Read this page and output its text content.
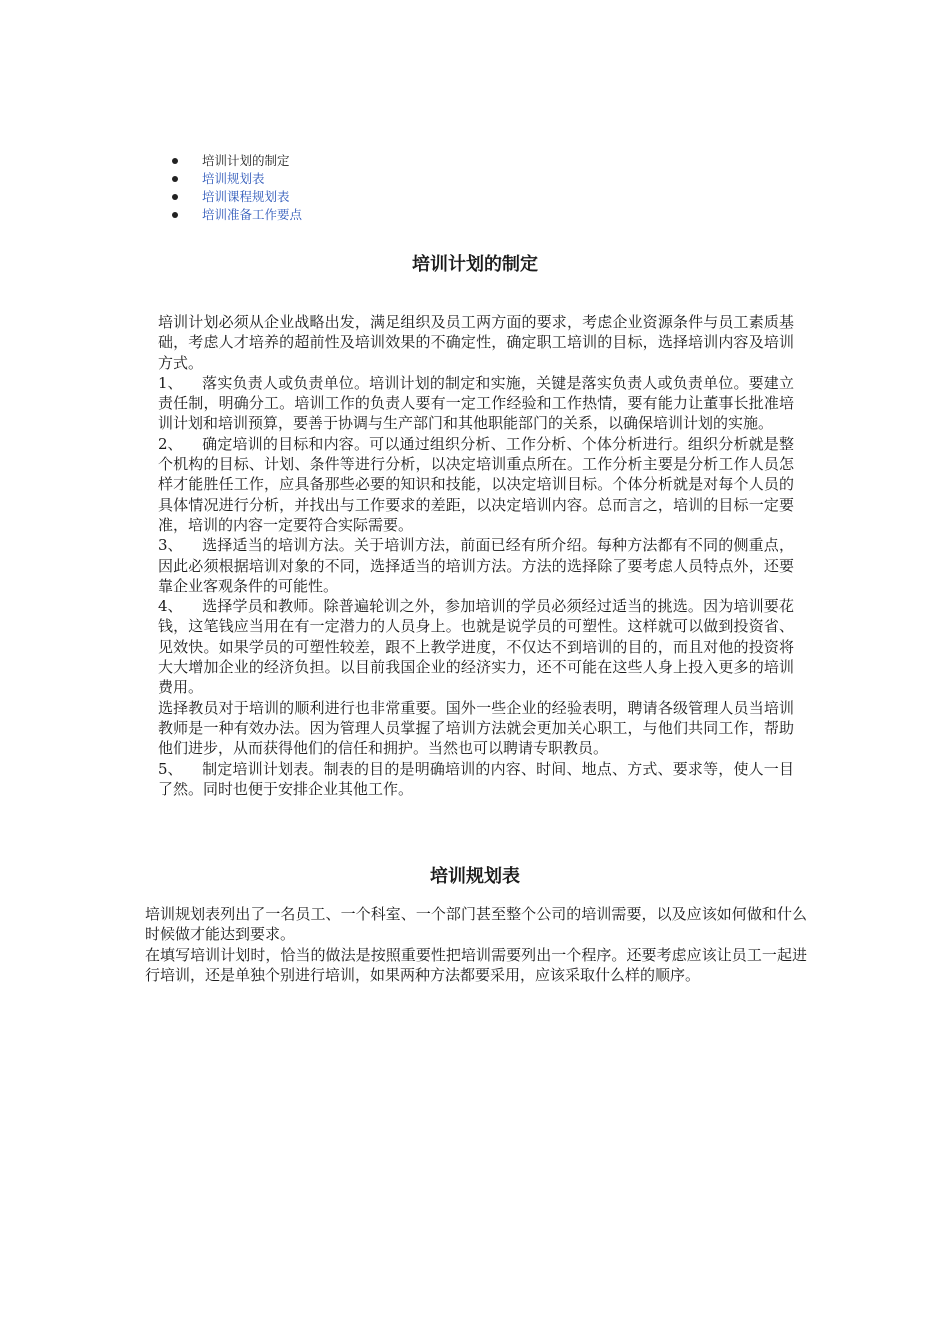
培训计划的制定
培训规划表
培训课程规划表
培训准备工作要点
培训计划的制定

培训计划必须从企业战略出发，满足组织及员工两方面的要求，考虑企业资源条件与员工素质基础，考虑人才培养的超前性及培训效果的不确定性，确定职工培训的目标，选择培训内容及培训方式。

1、 落实负责人或负责单位。培训计划的制定和实施，关键是落实负责人或负责单位。要建立责任制，明确分工。培训工作的负责人要有一定工作经验和工作热情，要有能力让董事长批准培训计划和培训预算，要善于协调与生产部门和其他职能部门的关系，以确保培训计划的实施。

2、 确定培训的目标和内容。可以通过组织分析、工作分析、个体分析进行。组织分析就是整个机构的目标、计划、条件等进行分析，以决定培训重点所在。工作分析主要是分析工作人员怎样才能胜任工作，应具备那些必要的知识和技能，以决定培训目标。个体分析就是对每个人员的具体情况进行分析，并找出与工作要求的差距，以决定培训内容。总而言之，培训的目标一定要准，培训的内容一定要符合实际需要。

3、 选择适当的培训方法。关于培训方法，前面已经有所介绍。每种方法都有不同的侧重点，因此必须根据培训对象的不同，选择适当的培训方法。方法的选择除了要考虑人员特点外，还要靠企业客观条件的可能性。

4、 选择学员和教师。除普遍轮训之外，参加培训的学员必须经过适当的挑选。因为培训要花钱，这笔钱应当用在有一定潜力的人员身上。也就是说学员的可塑性。这样就可以做到投资省、见效快。如果学员的可塑性较差，跟不上教学进度，不仅达不到培训的目的，而且对他的投资将大大增加企业的经济负担。以目前我国企业的经济实力，还不可能在这些人身上投入更多的培训费用。

选择教员对于培训的顺利进行也非常重要。国外一些企业的经验表明，聘请各级管理人员当培训教师是一种有效办法。因为管理人员掌握了培训方法就会更加关心职工，与他们共同工作，帮助他们进步，从而获得他们的信任和拥护。当然也可以聘请专职教员。

5、 制定培训计划表。制表的目的是明确培训的内容、时间、地点、方式、要求等，使人一目了然。同时也便于安排企业其他工作。

培训规划表

培训规划表列出了一名员工、一个科室、一个部门甚至整个公司的培训需要，以及应该如何做和什么时候做才能达到要求。

在填写培训计划时，恰当的做法是按照重要性把培训需要列出一个程序。还要考虑应该让员工一起进行培训，还是单独个别进行培训，如果两种方法都要采用，应该采取什么样的顺序。
